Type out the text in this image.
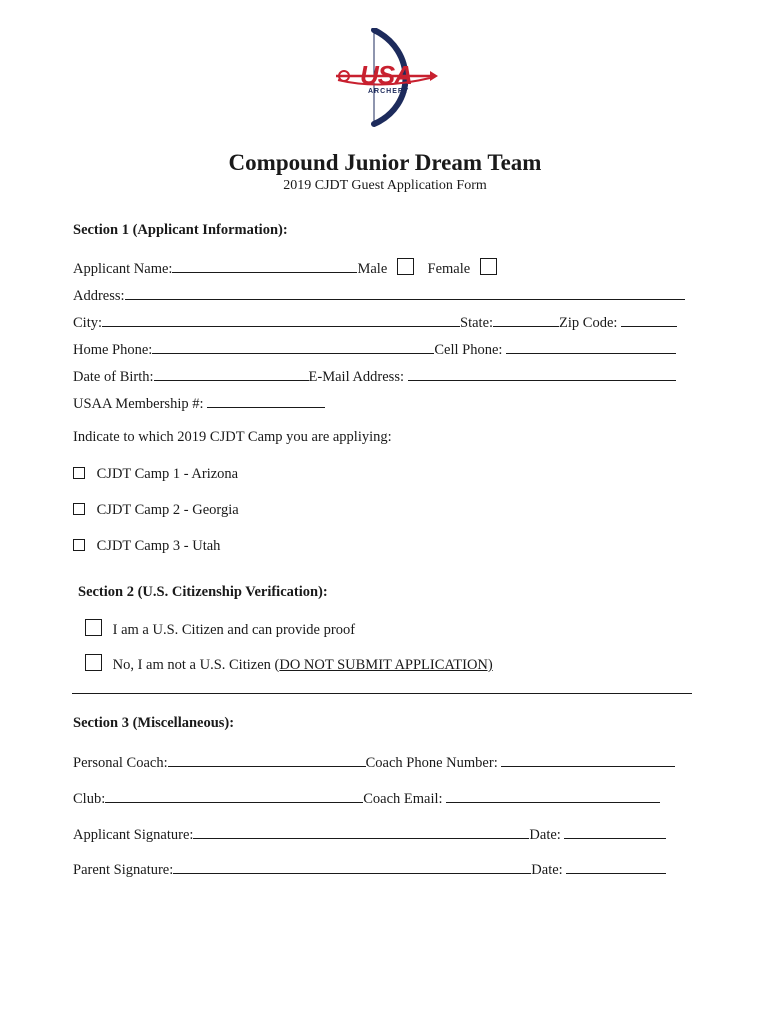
USA
ARCHERY
Compound Junior Dream Team
2019 CJDT Guest Application Form
Section 1 (Applicant Information):
Applicant Name:	Male	Female
Address:
City:	State:	Zip Code:
Home Phone:	Cell Phone:
Date of Birth:	E-Mail Address:
USAA Membership #:
Indicate to which 2019 CJDT Camp you are appliying:
CJDT Camp 1 - Arizona
CJDT Camp 2 - Georgia
CJDT Camp 3 - Utah
Section 2 (U.S. Citizenship Verification):
I am a U.S. Citizen and can provide proof
No, I am not a U.S. Citizen (DO NOT SUBMIT APPLICATION)
Section 3 (Miscellaneous):
Personal Coach:	Coach Phone Number:
Club:	Coach Email:
Applicant Signature:	Date:
Parent Signature:	Date:
